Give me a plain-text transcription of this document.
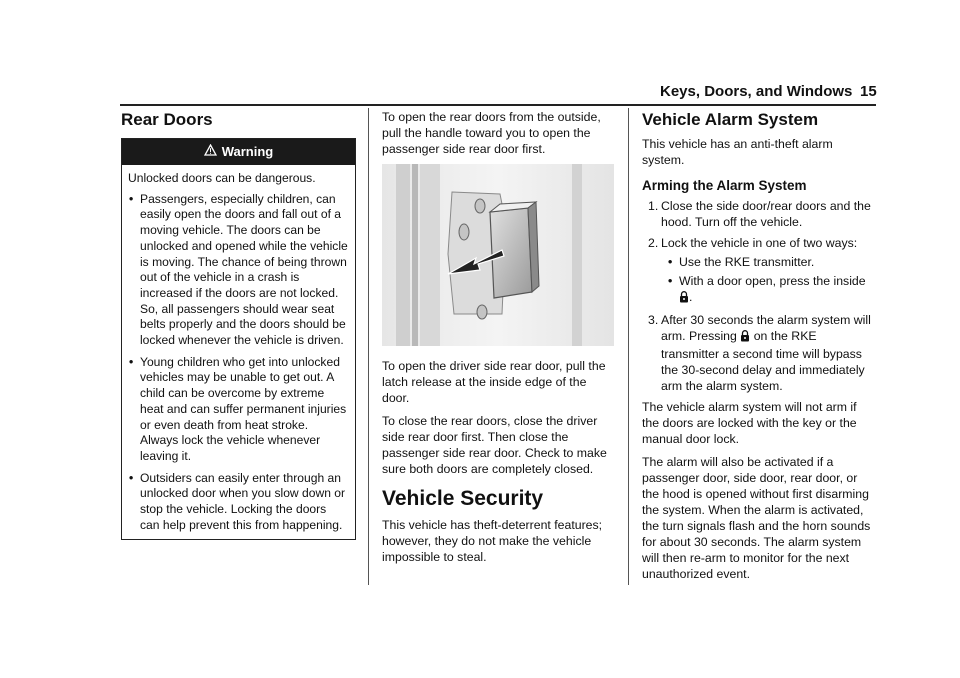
Keys, Doors, and Windows 15
Rear Doors
Warning

Unlocked doors can be dangerous.

• Passengers, especially children, can easily open the doors and fall out of a moving vehicle. The doors can be unlocked and opened while the vehicle is moving. The chance of being thrown out of the vehicle in a crash is increased if the doors are not locked. So, all passengers should wear seat belts properly and the doors should be locked whenever the vehicle is driven.
• Young children who get into unlocked vehicles may be unable to get out. A child can be overcome by extreme heat and can suffer permanent injuries or even death from heat stroke. Always lock the vehicle whenever leaving it.
• Outsiders can easily enter through an unlocked door when you slow down or stop the vehicle. Locking the doors can help prevent this from happening.

To open the rear doors from the outside, pull the handle toward you to open the passenger side rear door first.

To open the driver side rear door, pull the latch release at the inside edge of the door.

To close the rear doors, close the driver side rear door first. Then close the passenger side rear door. Check to make sure both doors are completely closed.

Vehicle Security

This vehicle has theft-deterrent features; however, they do not make the vehicle impossible to steal.

Vehicle Alarm System

This vehicle has an anti-theft alarm system.

Arming the Alarm System
1. Close the side door/rear doors and the hood. Turn off the vehicle.
2. Lock the vehicle in one of two ways:
• Use the RKE transmitter.
• With a door open, press the inside .
3. After 30 seconds the alarm system will arm. Pressing on the RKE transmitter a second time will bypass the 30-second delay and immediately arm the alarm system.

The vehicle alarm system will not arm if the doors are locked with the key or the manual door lock.

The alarm will also be activated if a passenger door, side door, rear door, or the hood is opened without first disarming the system. When the alarm is activated, the turn signals flash and the horn sounds for about 30 seconds. The alarm system will then re-arm to monitor for the next unauthorized event.
